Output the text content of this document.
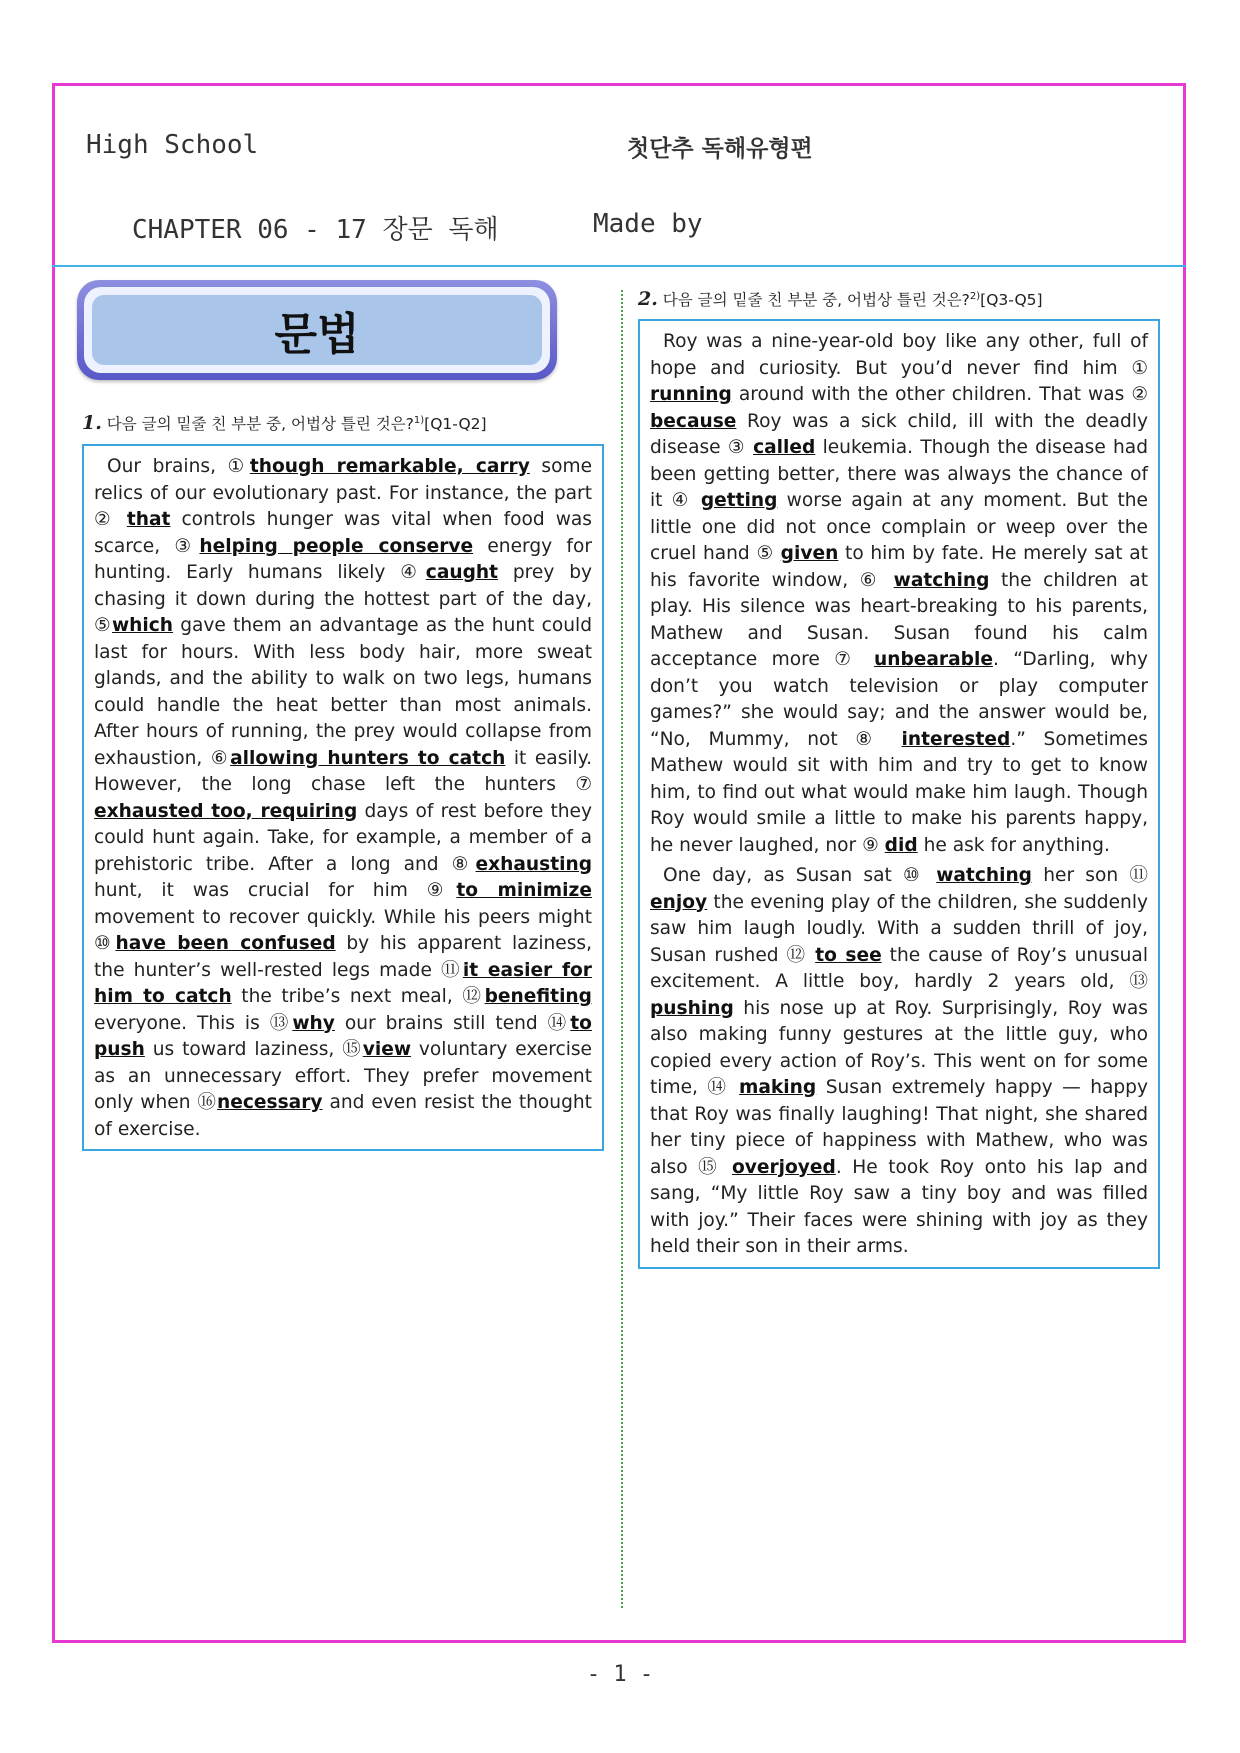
High School	첫단추 독해유형편
CHAPTER 06 - 17 장문 독해	Made by
문법
1. 다음 글의 밑줄 친 부분 중, 어법상 틀린 것은?$^{1)}$[Q1-Q2]

Our brains, ①though remarkable, carry some relics of our evolutionary past. For instance, the part ② that controls hunger was vital when food was scarce, ③helping people conserve energy for hunting. Early humans likely ④caught prey by chasing it down during the hottest part of the day, ⑤which gave them an advantage as the hunt could last for hours. With less body hair, more sweat glands, and the ability to walk on two legs, humans could handle the heat better than most animals. After hours of running, the prey would collapse from exhaustion, ⑥allowing hunters to catch it easily. However, the long chase left the hunters ⑦ exhausted too, requiring days of rest before they could hunt again. Take, for example, a member of a prehistoric tribe. After a long and ⑧exhausting hunt, it was crucial for him ⑨to minimize movement to recover quickly. While his peers might ⑩have been confused by his apparent laziness, the hunter’s well-rested legs made ⑪it easier for him to catch the tribe’s next meal, ⑫benefiting everyone. This is ⑬why our brains still tend ⑭to push us toward laziness, ⑮view voluntary exercise as an unnecessary effort. They prefer movement only when ⑯necessary and even resist the thought of exercise.

2. 다음 글의 밑줄 친 부분 중, 어법상 틀린 것은?$^{2)}$[Q3-Q5]

Roy was a nine-year-old boy like any other, full of hope and curiosity. But you’d never find him ① running around with the other children. That was ② because Roy was a sick child, ill with the deadly disease ③ called leukemia. Though the disease had been getting better, there was always the chance of it ④ getting worse again at any moment. But the little one did not once complain or weep over the cruel hand ⑤ given to him by fate. He merely sat at his favorite window, ⑥ watching the children at play. His silence was heart-breaking to his parents, Mathew and Susan. Susan found his calm acceptance more ⑦ unbearable. “Darling, why don’t you watch television or play computer games?” she would say; and the answer would be, “No, Mummy, not ⑧ interested.” Sometimes Mathew would sit with him and try to get to know him, to find out what would make him laugh. Though Roy would smile a little to make his parents happy, he never laughed, nor ⑨ did he ask for anything.

One day, as Susan sat ⑩ watching her son ⑪ enjoy the evening play of the children, she suddenly saw him laugh loudly. With a sudden thrill of joy, Susan rushed ⑫ to see the cause of Roy’s unusual excitement. A little boy, hardly 2 years old, ⑬ pushing his nose up at Roy. Surprisingly, Roy was also making funny gestures at the little guy, who copied every action of Roy’s. This went on for some time, ⑭ making Susan extremely happy — happy that Roy was finally laughing! That night, she shared her tiny piece of happiness with Mathew, who was also ⑮ overjoyed. He took Roy onto his lap and sang, “My little Roy saw a tiny boy and was filled with joy.” Their faces were shining with joy as they held their son in their arms.

- 1 -
